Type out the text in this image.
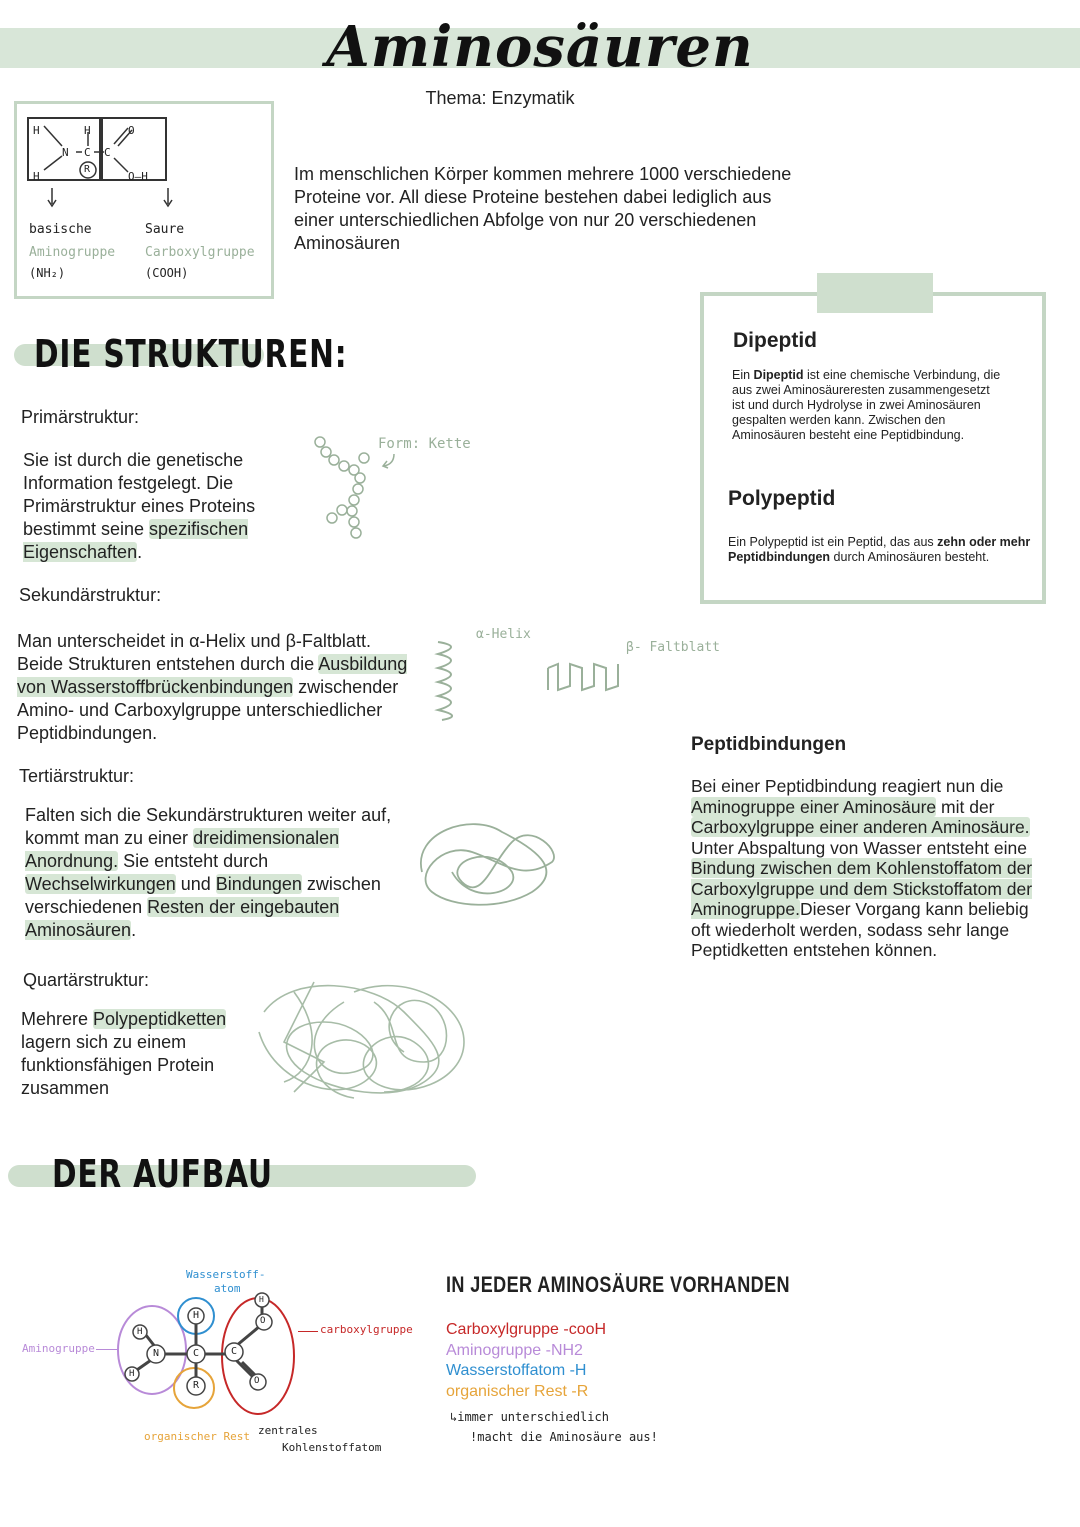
Aminosäuren
Thema: Enzymatik
H	H
H
N C C
R
O
O—H
basische
Aminogruppe
(NH₂)
Saure
Carboxylgruppe
(COOH)
Im menschlichen Körper kommen mehrere 1000 verschiedene Proteine vor. All diese Proteine bestehen dabei lediglich aus einer unterschiedlichen Abfolge von nur 20 verschiedenen Aminosäuren
DIE STRUKTUREN:
Primärstruktur:
Sie ist durch die genetische Information festgelegt. Die Primärstruktur eines Proteins bestimmt seine spezifischen Eigenschaften.
Form: Kette
Dipeptid
Ein Dipeptid ist eine chemische Verbindung, die aus zwei Aminosäureresten zusammengesetzt ist und durch Hydrolyse in zwei Aminosäuren gespalten werden kann. Zwischen den Aminosäuren besteht eine Peptidbindung.
Polypeptid
Ein Polypeptid ist ein Peptid, das aus zehn oder mehr Peptidbindungen durch Aminosäuren besteht.
Sekundärstruktur:
Man unterscheidet in α-Helix und β-Faltblatt. Beide Strukturen entstehen durch die Ausbildung von Wasserstoffbrückenbindungen zwischender Amino- und Carboxylgruppe unterschiedlicher Peptidbindungen.
α-Helix
β- Faltblatt
Peptidbindungen
Bei einer Peptidbindung reagiert nun die Aminogruppe einer Aminosäure mit der Carboxylgruppe einer anderen Aminosäure. Unter Abspaltung von Wasser entsteht eine Bindung zwischen dem Kohlenstoffatom der Carboxylgruppe und dem Stickstoffatom der Aminogruppe.Dieser Vorgang kann beliebig oft wiederholt werden, sodass sehr lange Peptidketten entstehen können.
Tertiärstruktur:
Falten sich die Sekundärstrukturen weiter auf, kommt man zu einer dreidimensionalen Anordnung. Sie entsteht durch Wechselwirkungen und Bindungen zwischen verschiedenen Resten der eingebauten Aminosäuren.
Quartärstruktur:
Mehrere Polypeptidketten lagern sich zu einem funktionsfähigen Protein zusammen
DER AUFBAU
H
H
N	C
H
R
C
O
H
O
Aminogruppe
Wasserstoff-
atom
carboxylgruppe
organischer Rest zentrales
Kohlenstoffatom
IN JEDER AMINOSÄURE VORHANDEN
Carboxylgruppe -cooH
Aminogruppe -NH2
Wasserstoffatom -H
organischer Rest -R
↳immer unterschiedlich
!macht die Aminosäure aus!
